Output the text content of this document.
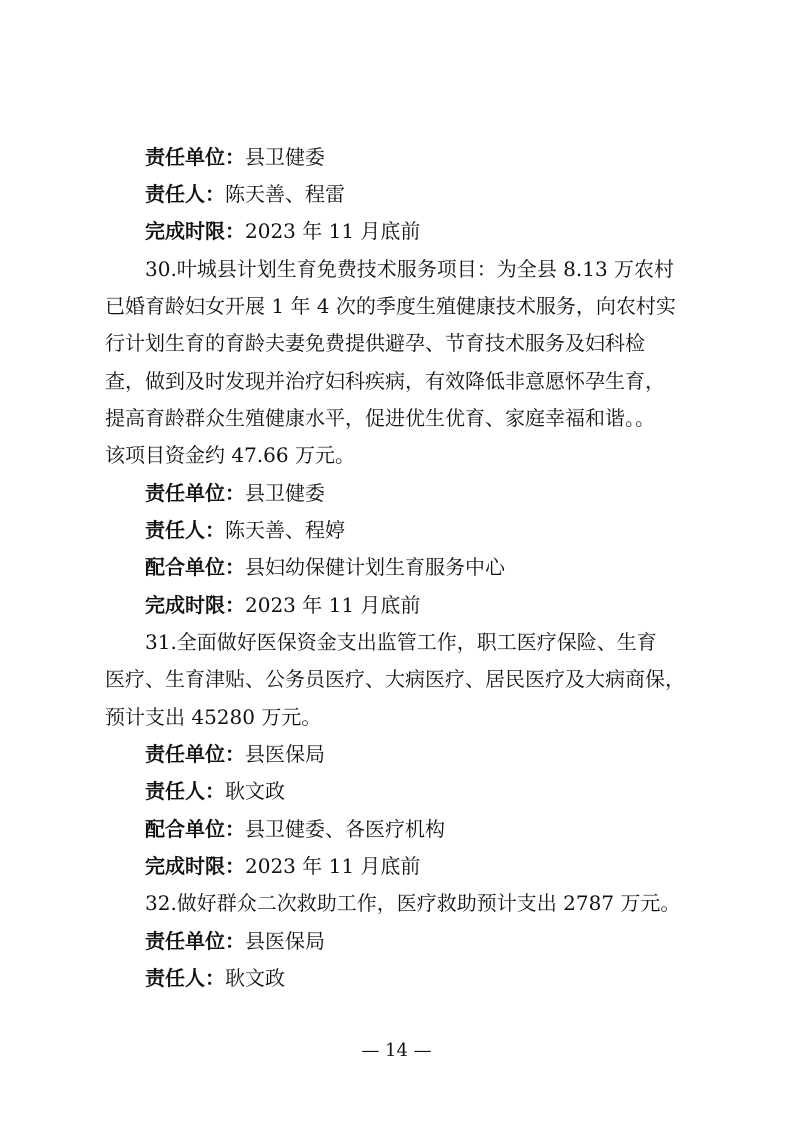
责任单位：县卫健委
责任人：陈天善、程雷
完成时限：2023 年 11 月底前
30.叶城县计划生育免费技术服务项目：为全县 8.13 万农村
已婚育龄妇女开展 1 年 4 次的季度生殖健康技术服务，向农村实
行计划生育的育龄夫妻免费提供避孕、节育技术服务及妇科检
查，做到及时发现并治疗妇科疾病，有效降低非意愿怀孕生育，
提高育龄群众生殖健康水平，促进优生优育、家庭幸福和谐。。
该项目资金约 47.66 万元。
责任单位：县卫健委
责任人：陈天善、程婷
配合单位：县妇幼保健计划生育服务中心
完成时限：2023 年 11 月底前
31.全面做好医保资金支出监管工作，职工医疗保险、生育
医疗、生育津贴、公务员医疗、大病医疗、居民医疗及大病商保，
预计支出 45280 万元。
责任单位：县医保局
责任人：耿文政
配合单位：县卫健委、各医疗机构
完成时限：2023 年 11 月底前
32.做好群众二次救助工作，医疗救助预计支出 2787 万元。
责任单位：县医保局
责任人：耿文政
— 14 —
